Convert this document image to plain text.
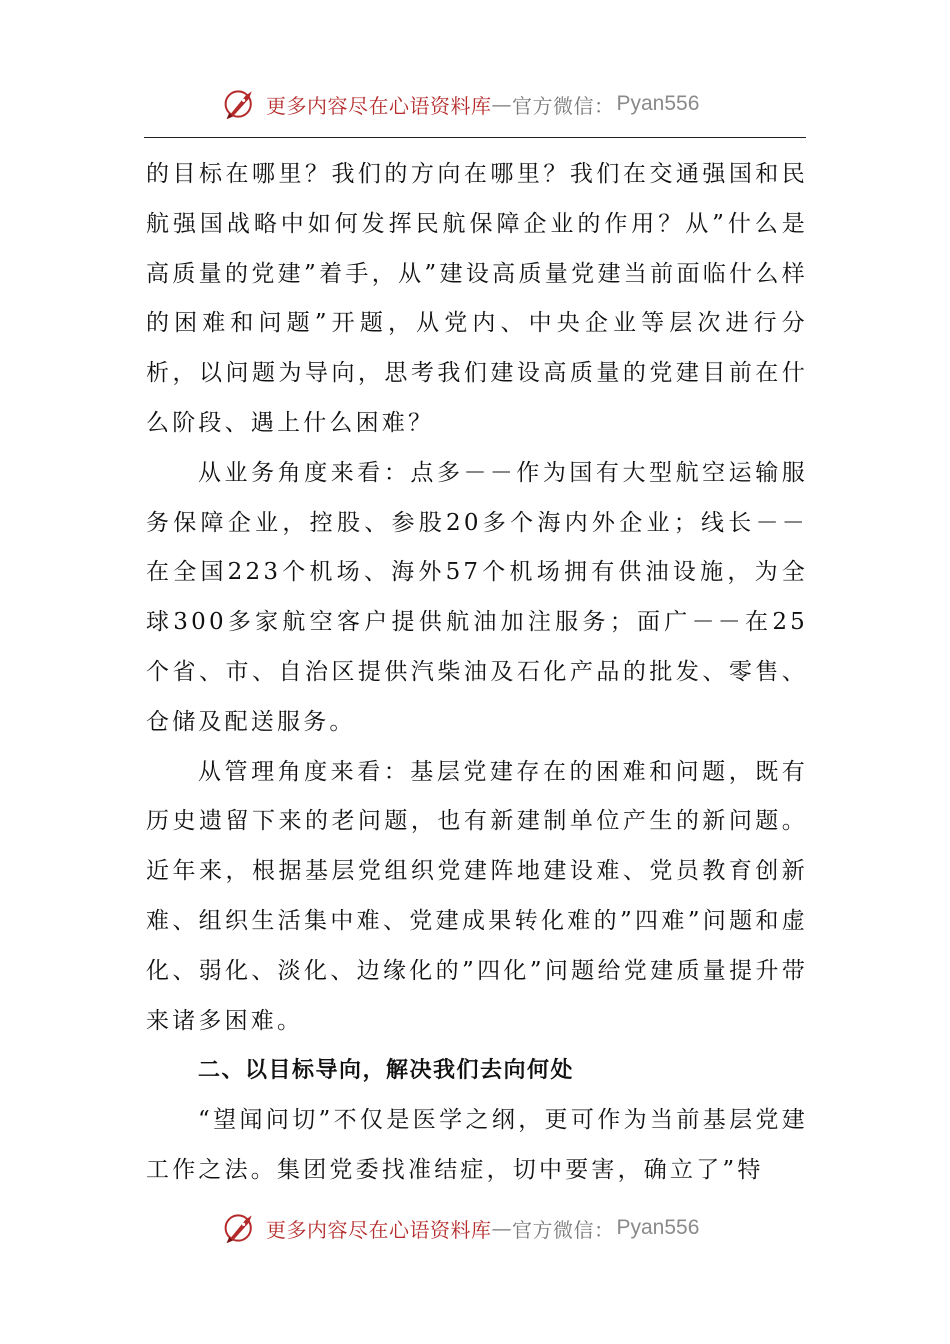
更多内容尽在心语资料库 — 官方微信： Pyan556

的目标在哪里？我们的方向在哪里？我们在交通强国和民航强国战略中如何发挥民航保障企业的作用？从”什么是高质量的党建”着手，从”建设高质量党建当前面临什么样的困难和问题”开题，从党内、中央企业等层次进行分析，以问题为导向，思考我们建设高质量的党建目前在什么阶段、遇上什么困难？

从业务角度来看：点多－－作为国有大型航空运输服务保障企业，控股、参股20多个海内外企业；线长－－在全国223个机场、海外57个机场拥有供油设施，为全球300多家航空客户提供航油加注服务；面广－－在25个省、市、自治区提供汽柴油及石化产品的批发、零售、仓储及配送服务。

从管理角度来看：基层党建存在的困难和问题，既有历史遗留下来的老问题，也有新建制单位产生的新问题。近年来，根据基层党组织党建阵地建设难、党员教育创新难、组织生活集中难、党建成果转化难的”四难”问题和虚化、弱化、淡化、边缘化的”四化”问题给党建质量提升带来诸多困难。

二、以目标导向，解决我们去向何处

“望闻问切”不仅是医学之纲，更可作为当前基层党建工作之法。集团党委找准结症，切中要害，确立了”特

更多内容尽在心语资料库 — 官方微信： Pyan556
